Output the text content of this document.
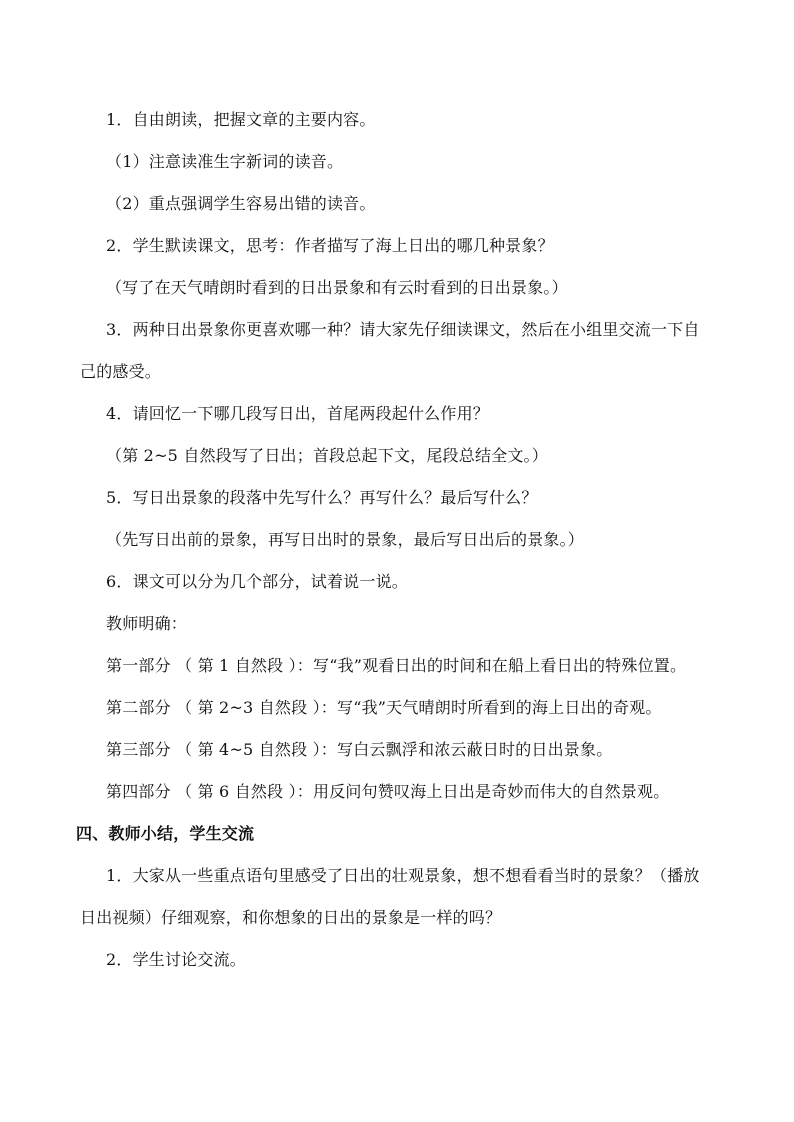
1．自由朗读，把握文章的主要内容。
（1）注意读准生字新词的读音。
（2）重点强调学生容易出错的读音。
2．学生默读课文，思考：作者描写了海上日出的哪几种景象？
（写了在天气晴朗时看到的日出景象和有云时看到的日出景象。）
3．两种日出景象你更喜欢哪一种？请大家先仔细读课文，然后在小组里交流一下自
己的感受。
4．请回忆一下哪几段写日出，首尾两段起什么作用？
（第 2~5 自然段写了日出；首段总起下文，尾段总结全文。）
5．写日出景象的段落中先写什么？再写什么？最后写什么？
（先写日出前的景象，再写日出时的景象，最后写日出后的景象。）
6．课文可以分为几个部分，试着说一说。
教师明确：
第一部分 （ 第 1 自然段 ）：写“我”观看日出的时间和在船上看日出的特殊位置。
第二部分 （ 第 2~3 自然段 ）：写“我”天气晴朗时所看到的海上日出的奇观。
第三部分 （ 第 4~5 自然段 ）：写白云飘浮和浓云蔽日时的日出景象。
第四部分 （ 第 6 自然段 ）：用反问句赞叹海上日出是奇妙而伟大的自然景观。
四、教师小结，学生交流
1．大家从一些重点语句里感受了日出的壮观景象，想不想看看当时的景象？（播放
日出视频）仔细观察，和你想象的日出的景象是一样的吗？
2．学生讨论交流。
